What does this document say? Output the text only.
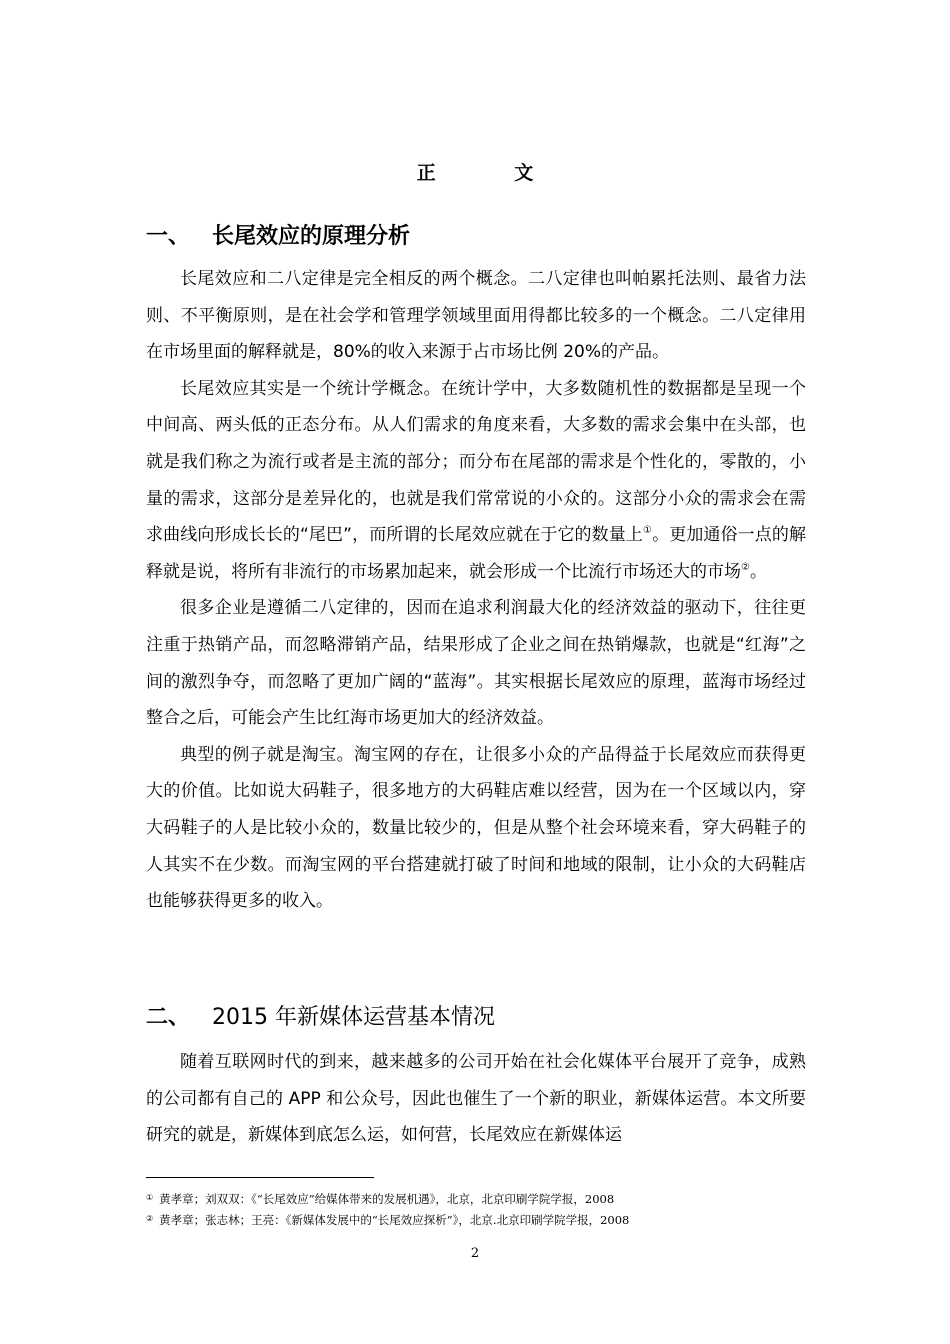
正 文
一、 长尾效应的原理分析

长尾效应和二八定律是完全相反的两个概念。二八定律也叫帕累托法则、最省力法则、不平衡原则，是在社会学和管理学领域里面用得都比较多的一个概念。二八定律用在市场里面的解释就是，80%的收入来源于占市场比例 20%的产品。

长尾效应其实是一个统计学概念。在统计学中，大多数随机性的数据都是呈现一个中间高、两头低的正态分布。从人们需求的角度来看，大多数的需求会集中在头部，也就是我们称之为流行或者是主流的部分；而分布在尾部的需求是个性化的，零散的，小量的需求，这部分是差异化的，也就是我们常常说的小众的。这部分小众的需求会在需求曲线向形成长长的“尾巴”，而所谓的长尾效应就在于它的数量上①。更加通俗一点的解释就是说，将所有非流行的市场累加起来，就会形成一个比流行市场还大的市场②。

很多企业是遵循二八定律的，因而在追求利润最大化的经济效益的驱动下，往往更注重于热销产品，而忽略滞销产品，结果形成了企业之间在热销爆款，也就是“红海”之间的激烈争夺，而忽略了更加广阔的“蓝海”。其实根据长尾效应的原理，蓝海市场经过整合之后，可能会产生比红海市场更加大的经济效益。

典型的例子就是淘宝。淘宝网的存在，让很多小众的产品得益于长尾效应而获得更大的价值。比如说大码鞋子，很多地方的大码鞋店难以经营，因为在一个区域以内，穿大码鞋子的人是比较小众的，数量比较少的，但是从整个社会环境来看，穿大码鞋子的人其实不在少数。而淘宝网的平台搭建就打破了时间和地域的限制，让小众的大码鞋店也能够获得更多的收入。

二、 2015 年新媒体运营基本情况

随着互联网时代的到来，越来越多的公司开始在社会化媒体平台展开了竞争，成熟的公司都有自己的 APP 和公众号，因此也催生了一个新的职业，新媒体运营。本文所要研究的就是，新媒体到底怎么运，如何营，长尾效应在新媒体运

① 黄孝章；刘双双：《“长尾效应”给媒体带来的发展机遇》，北京，北京印刷学院学报，2008
② 黄孝章；张志林；王亮：《新媒体发展中的“长尾效应探析”》，北京.北京印刷学院学报，2008
2
